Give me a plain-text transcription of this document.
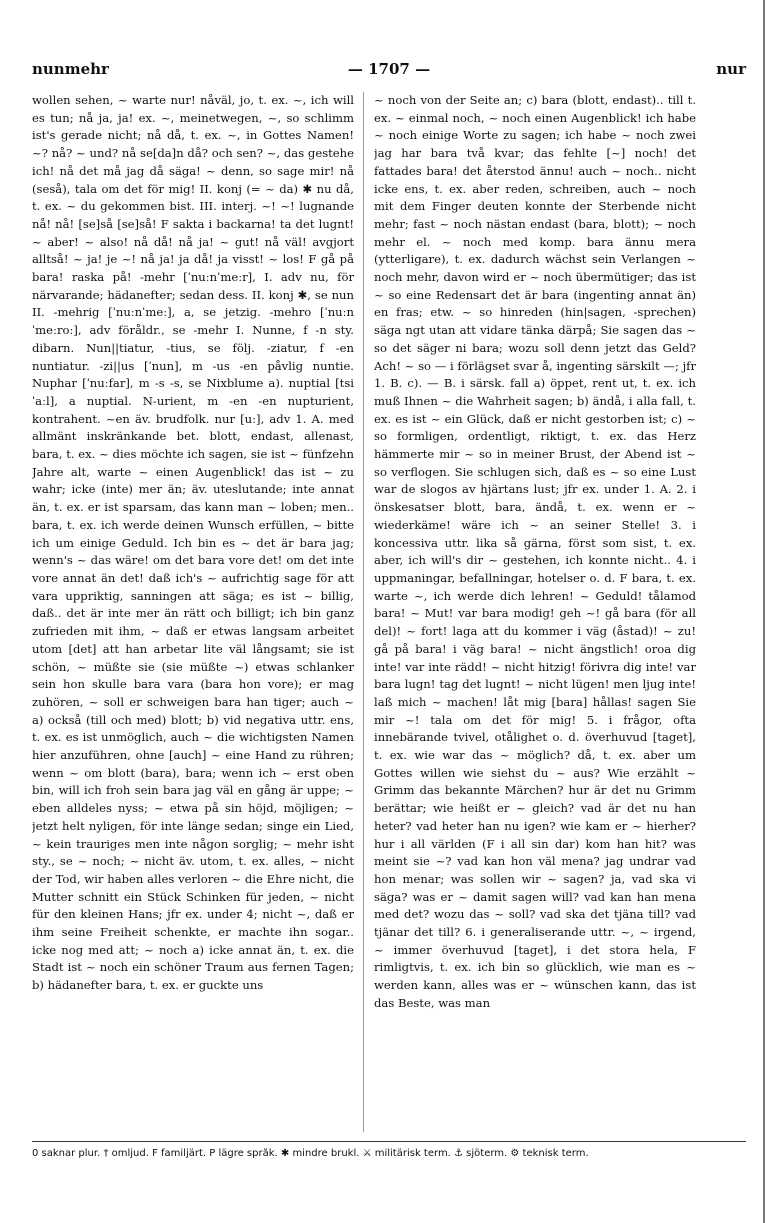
nunmehr	— 1707 —	nur

wollen sehen, ~ warte nur! nåväl, jo, t. ex. ~, ich will es tun; nå ja, ja! ex. ~, meinetwegen, ~, so schlimm ist's gerade nicht; nå då, t. ex. ~, in Gottes Namen! ~? nå? ~ und? nå se[da]n då? och sen? ~, das gestehe ich! nå det må jag då säga! ~ denn, so sage mir! nå (seså), tala om det för mig! II. konj (= ~ da) ✱ nu då, t. ex. ~ du gekommen bist. III. interj. ~! ~! lugnande nå! nå! [se]så [se]så! F sakta i backarna! ta det lugnt! ~ aber! ~ also! nå då! nå ja! ~ gut! nå väl! avgjort alltså! ~ ja! je ~! nå ja! ja då! ja visst! ~ los! F gå på bara! raska på! -mehr [ˈnuːnˈmeːr], I. adv nu, för närvarande; hädanefter; sedan dess. II. konj ✱, se nun II. -mehrig [ˈnuːnˈmeː], a, se jetzig. -mehro [ˈnuːnˈmeːroː], adv föråldr., se -mehr I. Nunne, f -n sty. dibarn. Nun||tiatur, -tius, se följ. -ziatur, f -en nuntiatur. -zi||us [ˈnun], m -us -en påvlig nuntie. Nuphar [ˈnuːfar], m -s -s, se Nixblume a). nuptial [tsiˈaːl], a nuptial. N-urient, m -en -en nupturient, kontrahent. ~en äv. brudfolk. nur [uː], adv 1. A. med allmänt inskränkande bet. blott, endast, allenast, bara, t. ex. ~ dies möchte ich sagen, sie ist ~ fünfzehn Jahre alt, warte ~ einen Augenblick! das ist ~ zu wahr; icke (inte) mer än; äv. uteslutande; inte annat än, t. ex. er ist sparsam, das kann man ~ loben; men.. bara, t. ex. ich werde deinen Wunsch erfüllen, ~ bitte ich um einige Geduld. Ich bin es ~ det är bara jag; wenn's ~ das wäre! om det bara vore det! om det inte vore annat än det! daß ich's ~ aufrichtig sage för att vara uppriktig, sanningen att säga; es ist ~ billig, daß.. det är inte mer än rätt och billigt; ich bin ganz zufrieden mit ihm, ~ daß er etwas langsam arbeitet utom [det] att han arbetar lite väl långsamt; sie ist schön, ~ müßte sie (sie müßte ~) etwas schlanker sein hon skulle bara vara (bara hon vore); er mag zuhören, ~ soll er schweigen bara han tiger; auch ~ a) också (till och med) blott; b) vid negativa uttr. ens, t. ex. es ist unmöglich, auch ~ die wichtigsten Namen hier anzuführen, ohne [auch] ~ eine Hand zu rühren; wenn ~ om blott (bara), bara; wenn ich ~ erst oben bin, will ich froh sein bara jag väl en gång är uppe; ~ eben alldeles nyss; ~ etwa på sin höjd, möjligen; ~ jetzt helt nyligen, för inte länge sedan; singe ein Lied, ~ kein trauriges men inte någon sorglig; ~ mehr isht sty., se ~ noch; ~ nicht äv. utom, t. ex. alles, ~ nicht der Tod, wir haben alles verloren ~ die Ehre nicht, die Mutter schnitt ein Stück Schinken für jeden, ~ nicht für den kleinen Hans; jfr ex. under 4; nicht ~, daß er ihm seine Freiheit schenkte, er machte ihn sogar.. icke nog med att; ~ noch a) icke annat än, t. ex. die Stadt ist ~ noch ein schöner Traum aus fernen Tagen; b) hädanefter bara, t. ex. er guckte uns

~ noch von der Seite an; c) bara (blott, endast).. till t. ex. ~ einmal noch, ~ noch einen Augenblick! ich habe ~ noch einige Worte zu sagen; ich habe ~ noch zwei jag har bara två kvar; das fehlte [~] noch! det fattades bara! det återstod ännu! auch ~ noch.. nicht icke ens, t. ex. aber reden, schreiben, auch ~ noch mit dem Finger deuten konnte der Sterbende nicht mehr; fast ~ noch nästan endast (bara, blott); ~ noch mehr el. ~ noch med komp. bara ännu mera (ytterligare), t. ex. dadurch wächst sein Verlangen ~ noch mehr, davon wird er ~ noch übermütiger; das ist ~ so eine Redensart det är bara (ingenting annat än) en fras; etw. ~ so hinreden (hin|sagen, -sprechen) säga ngt utan att vidare tänka därpå; Sie sagen das ~ so det säger ni bara; wozu soll denn jetzt das Geld? Ach! ~ so — i förlägset svar å, ingenting särskilt —; jfr 1. B. c). — B. i särsk. fall a) öppet, rent ut, t. ex. ich muß Ihnen ~ die Wahrheit sagen; b) ändå, i alla fall, t. ex. es ist ~ ein Glück, daß er nicht gestorben ist; c) ~ so formligen, ordentligt, riktigt, t. ex. das Herz hämmerte mir ~ so in meiner Brust, der Abend ist ~ so verflogen. Sie schlugen sich, daß es ~ so eine Lust war de slogos av hjärtans lust; jfr ex. under 1. A. 2. i önskesatser blott, bara, ändå, t. ex. wenn er ~ wiederkäme! wäre ich ~ an seiner Stelle! 3. i koncessiva uttr. lika så gärna, först som sist, t. ex. aber, ich will's dir ~ gestehen, ich konnte nicht.. 4. i uppmaningar, befallningar, hotelser o. d. F bara, t. ex. warte ~, ich werde dich lehren! ~ Geduld! tålamod bara! ~ Mut! var bara modig! geh ~! gå bara (för all del)! ~ fort! laga att du kommer i väg (åstad)! ~ zu! gå på bara! i väg bara! ~ nicht ängstlich! oroa dig inte! var inte rädd! ~ nicht hitzig! förivra dig inte! var bara lugn! tag det lugnt! ~ nicht lügen! men ljug inte! laß mich ~ machen! låt mig [bara] hållas! sagen Sie mir ~! tala om det för mig! 5. i frågor, ofta innebärande tvivel, otålighet o. d. överhuvud [taget], t. ex. wie war das ~ möglich? då, t. ex. aber um Gottes willen wie siehst du ~ aus? Wie erzählt ~ Grimm das bekannte Märchen? hur är det nu Grimm berättar; wie heißt er ~ gleich? vad är det nu han heter? vad heter han nu igen? wie kam er ~ hierher? hur i all världen (F i all sin dar) kom han hit? was meint sie ~? vad kan hon väl mena? jag undrar vad hon menar; was sollen wir ~ sagen? ja, vad ska vi säga? was er ~ damit sagen will? vad kan han mena med det? wozu das ~ soll? vad ska det tjäna till? vad tjänar det till? 6. i generaliserande uttr. ~, ~ irgend, ~ immer överhuvud [taget], i det stora hela, F rimligtvis, t. ex. ich bin so glücklich, wie man es ~ werden kann, alles was er ~ wünschen kann, das ist das Beste, was man

0 saknar plur. † omljud. F familjärt. P lägre språk. ✱ mindre brukl. ⚔ militärisk term. ⚓ sjöterm. ⚙ teknisk term.
